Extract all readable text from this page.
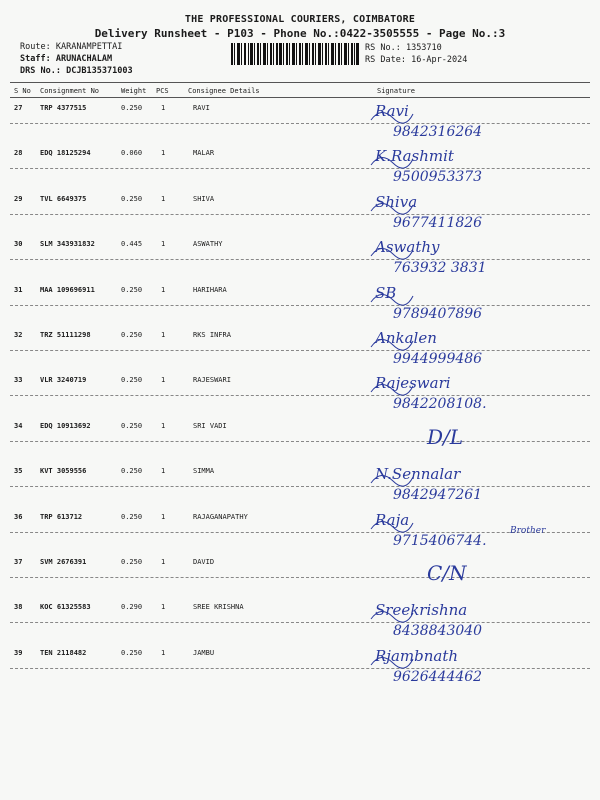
THE PROFESSIONAL COURIERS, COIMBATORE
Delivery Runsheet - P103 - Phone No.:0422-3505555 - Page No.:3
Route: KARANAMPETTAI
Staff: ARUNACHALAM
DRS No.: DCJB135371003
RS No.: 1353710
RS Date: 16-Apr-2024
S No Consignment No	Weight PCS	Consignee Details	Signature
27	TRP 4377515	0.250	1	RAVI	Ravi
9842316264
28	EDQ 18125294	0.060	1	MALAR	K.Rashmit
9500953373
29	TVL 6649375	0.250	1	SHIVA	Shiva
9677411826
30	SLM 343931832	0.445	1	ASWATHY	Aswathy
763932 3831
31	MAA 109696911	0.250	1	HARIHARA	SB
9789407896
32	TRZ 51111298	0.250	1	RKS INFRA	Ankalen
9944999486
33	VLR 3240719	0.250	1	RAJESWARI	Rajeswari
9842208108.
34	EDQ 10913692	0.250	1	SRI VADI	D/L
35	KVT 3059556	0.250	1	SIMMA	N.Sennalar
9842947261
36	TRP 613712	0.250	1	RAJAGANAPATHY	Raja
9715406744.
Brother
37	SVM 2676391	0.250	1	DAVID	C/N
38	KOC 61325583	0.290	1	SREE KRISHNA	Sreekrishna
8438843040
39	TEN 2118482	0.250	1	JAMBU	Rjambnath
9626444462
